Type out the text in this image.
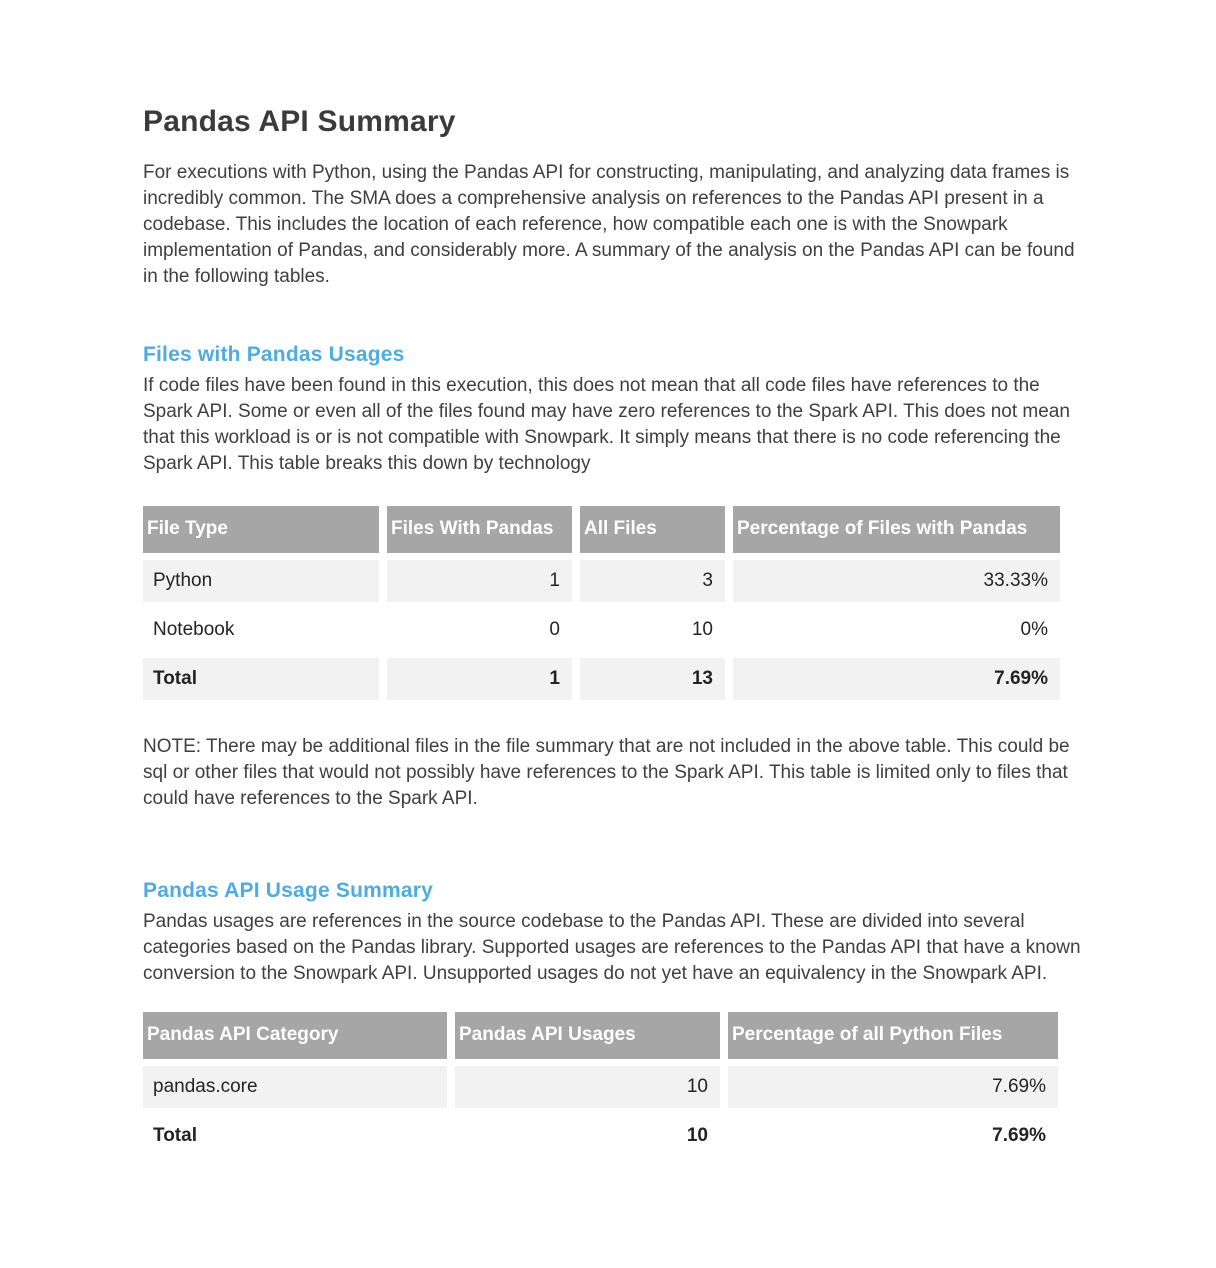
Pandas API Summary

For executions with Python, using the Pandas API for constructing, manipulating, and analyzing data frames is incredibly common. The SMA does a comprehensive analysis on references to the Pandas API present in a codebase. This includes the location of each reference, how compatible each one is with the Snowpark implementation of Pandas, and considerably more. A summary of the analysis on the Pandas API can be found in the following tables.

Files with Pandas Usages

If code files have been found in this execution, this does not mean that all code files have references to the Spark API. Some or even all of the files found may have zero references to the Spark API. This does not mean that this workload is or is not compatible with Snowpark. It simply means that there is no code referencing the Spark API. This table breaks this down by technology

File Type	Files With Pandas	All Files	Percentage of Files with Pandas
Python	1	3	33.33%
Notebook	0	10	0%
Total	1	13	7.69%

NOTE: There may be additional files in the file summary that are not included in the above table. This could be sql or other files that would not possibly have references to the Spark API. This table is limited only to files that could have references to the Spark API.

Pandas API Usage Summary

Pandas usages are references in the source codebase to the Pandas API. These are divided into several categories based on the Pandas library. Supported usages are references to the Pandas API that have a known conversion to the Snowpark API. Unsupported usages do not yet have an equivalency in the Snowpark API.

Pandas API Category	Pandas API Usages	Percentage of all Python Files
pandas.core	10	7.69%
Total	10	7.69%
